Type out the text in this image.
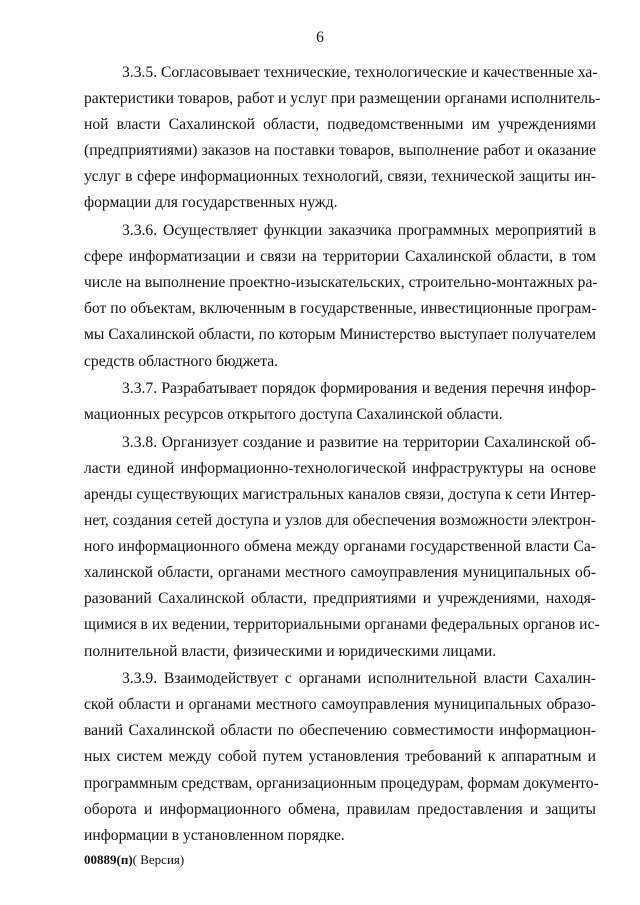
6
3.3.5. Согласовывает технические, технологические и качественные ха-
рактеристики товаров, работ и услуг при размещении органами исполнитель-
ной власти Сахалинской области, подведомственными им учреждениями
(предприятиями) заказов на поставки товаров, выполнение работ и оказание
услуг в сфере информационных технологий, связи, технической защиты ин-
формации для государственных нужд.
3.3.6. Осуществляет функции заказчика программных мероприятий в
сфере информатизации и связи на территории Сахалинской области, в том
числе на выполнение проектно-изыскательских, строительно-монтажных ра-
бот по объектам, включенным в государственные, инвестиционные програм-
мы Сахалинской области, по которым Министерство выступает получателем
средств областного бюджета.
3.3.7. Разрабатывает порядок формирования и ведения перечня инфор-
мационных ресурсов открытого доступа Сахалинской области.
3.3.8. Организует создание и развитие на территории Сахалинской об-
ласти единой информационно-технологической инфраструктуры на основе
аренды существующих магистральных каналов связи, доступа к сети Интер-
нет, создания сетей доступа и узлов для обеспечения возможности электрон-
ного информационного обмена между органами государственной власти Са-
халинской области, органами местного самоуправления муниципальных об-
разований Сахалинской области, предприятиями и учреждениями, находя-
щимися в их ведении, территориальными органами федеральных органов ис-
полнительной власти, физическими и юридическими лицами.
3.3.9. Взаимодействует с органами исполнительной власти Сахалин-
ской области и органами местного самоуправления муниципальных образо-
ваний Сахалинской области по обеспечению совместимости информацион-
ных систем между собой путем установления требований к аппаратным и
программным средствам, организационным процедурам, формам документо-
оборота и информационного обмена, правилам предоставления и защиты
информации в установленном порядке.
00889(п)( Версия)
